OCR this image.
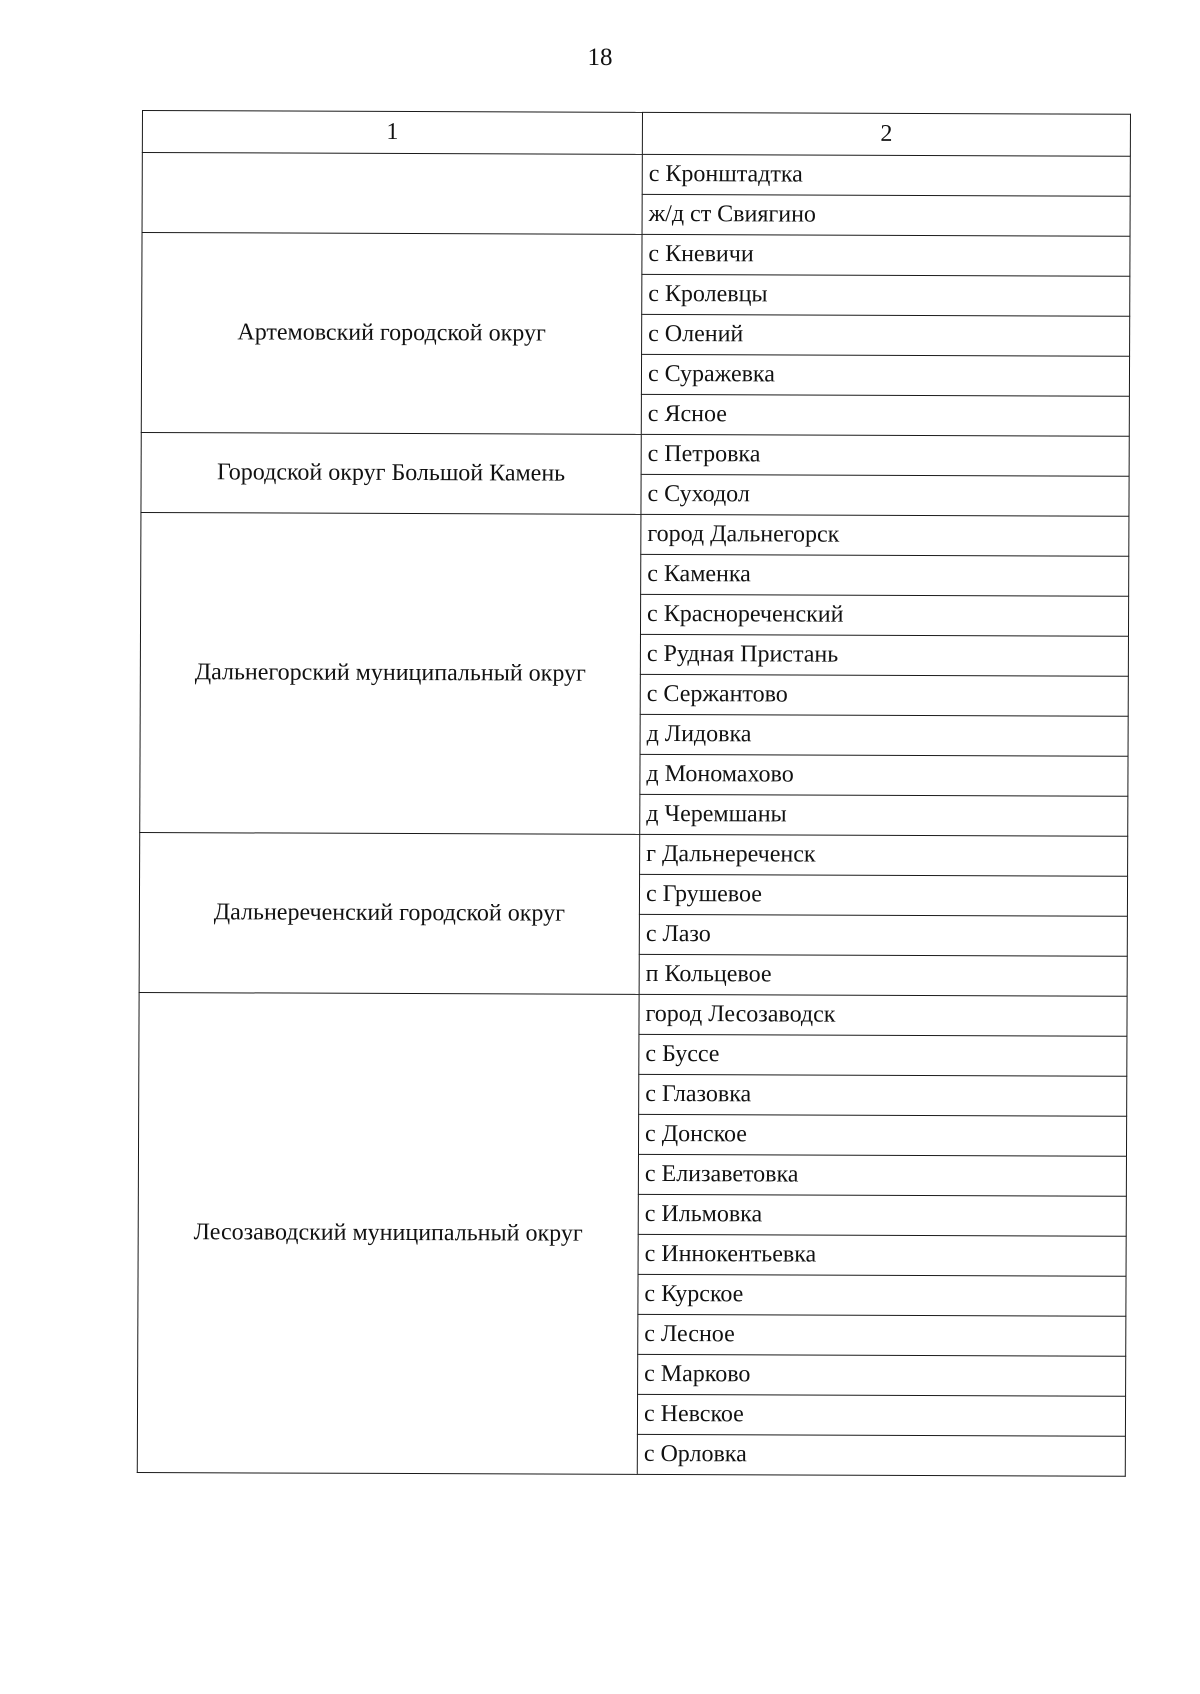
18
1	2
	с Кронштадтка
	ж/д ст Свиягино
Артемовский городской округ	с Кневичи
	с Кролевцы
	с Олений
	с Суражевка
	с Ясное
Городской округ Большой Камень	с Петровка
	с Суходол
Дальнегорский муниципальный округ	город Дальнегорск
	с Каменка
	с Краснореченский
	с Рудная Пристань
	с Сержантово
	д Лидовка
	д Мономахово
	д Черемшаны
Дальнереченский городской округ	г Дальнереченск
	с Грушевое
	с Лазо
	п Кольцевое
Лесозаводский муниципальный округ	город Лесозаводск
	с Буссе
	с Глазовка
	с Донское
	с Елизаветовка
	с Ильмовка
	с Иннокентьевка
	с Курское
	с Лесное
	с Марково
	с Невское
	с Орловка
